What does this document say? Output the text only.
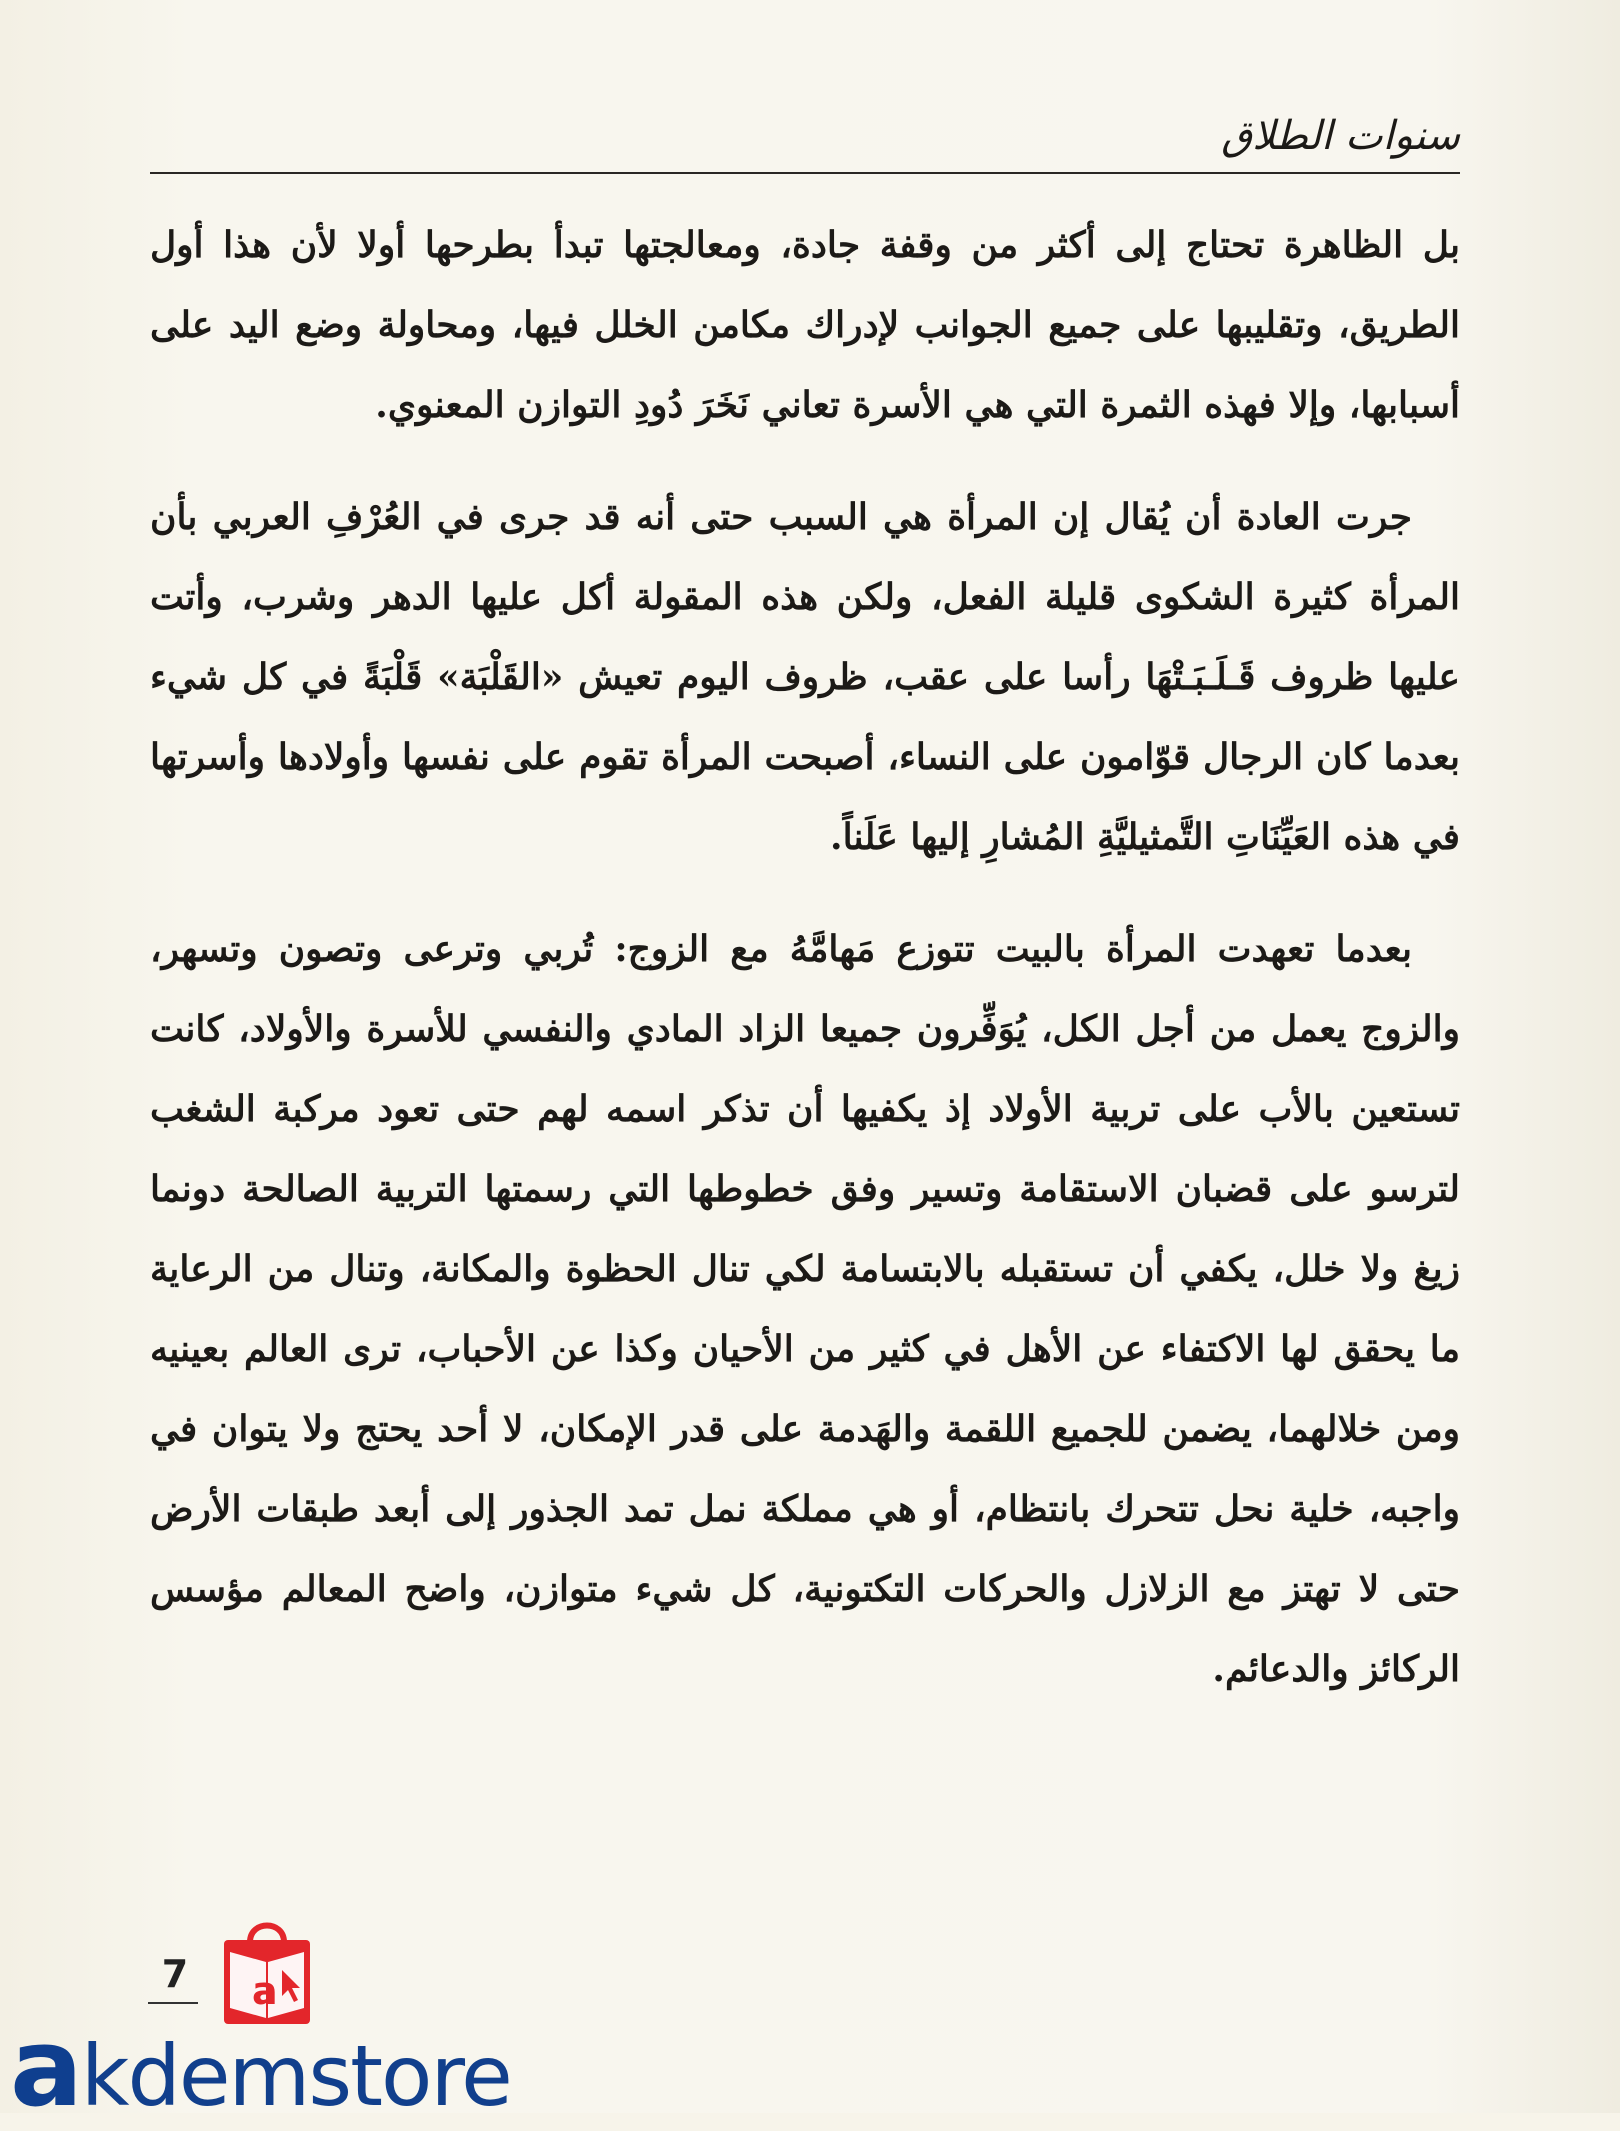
سنوات الطلاق

بل الظاهرة تحتاج إلى أكثر من وقفة جادة، ومعالجتها تبدأ بطرحها أولا لأن هذا أول الطريق، وتقليبها على جميع الجوانب لإدراك مكامن الخلل فيها، ومحاولة وضع اليد على أسبابها، وإلا فهذه الثمرة التي هي الأسرة تعاني نَخَرَ دُودِ التوازن المعنوي.

جرت العادة أن يُقال إن المرأة هي السبب حتى أنه قد جرى في العُرْفِ العربي بأن المرأة كثيرة الشكوى قليلة الفعل، ولكن هذه المقولة أكل عليها الدهر وشرب، وأتت عليها ظروف قَـلَـبَـتْهَا رأسا على عقب، ظروف اليوم تعيش «القَلْبَة» قَلْبَةً في كل شيء بعدما كان الرجال قوّامون على النساء، أصبحت المرأة تقوم على نفسها وأولادها وأسرتها في هذه العَيِّنَاتِ التَّمثيليَّةِ المُشارِ إليها عَلَناً.

بعدما تعهدت المرأة بالبيت تتوزع مَهامَّهُ مع الزوج: تُربي وترعى وتصون وتسهر، والزوج يعمل من أجل الكل، يُوَفِّرون جميعا الزاد المادي والنفسي للأسرة والأولاد، كانت تستعين بالأب على تربية الأولاد إذ يكفيها أن تذكر اسمه لهم حتى تعود مركبة الشغب لترسو على قضبان الاستقامة وتسير وفق خطوطها التي رسمتها التربية الصالحة دونما زيغ ولا خلل، يكفي أن تستقبله بالابتسامة لكي تنال الحظوة والمكانة، وتنال من الرعاية ما يحقق لها الاكتفاء عن الأهل في كثير من الأحيان وكذا عن الأحباب، ترى العالم بعينيه ومن خلالهما، يضمن للجميع اللقمة والهَدمة على قدر الإمكان، لا أحد يحتج ولا يتوان في واجبه، خلية نحل تتحرك بانتظام، أو هي مملكة نمل تمد الجذور إلى أبعد طبقات الأرض حتى لا تهتز مع الزلازل والحركات التكتونية، كل شيء متوازن، واضح المعالم مؤسس الركائز والدعائم.

7 a
akdemstore
